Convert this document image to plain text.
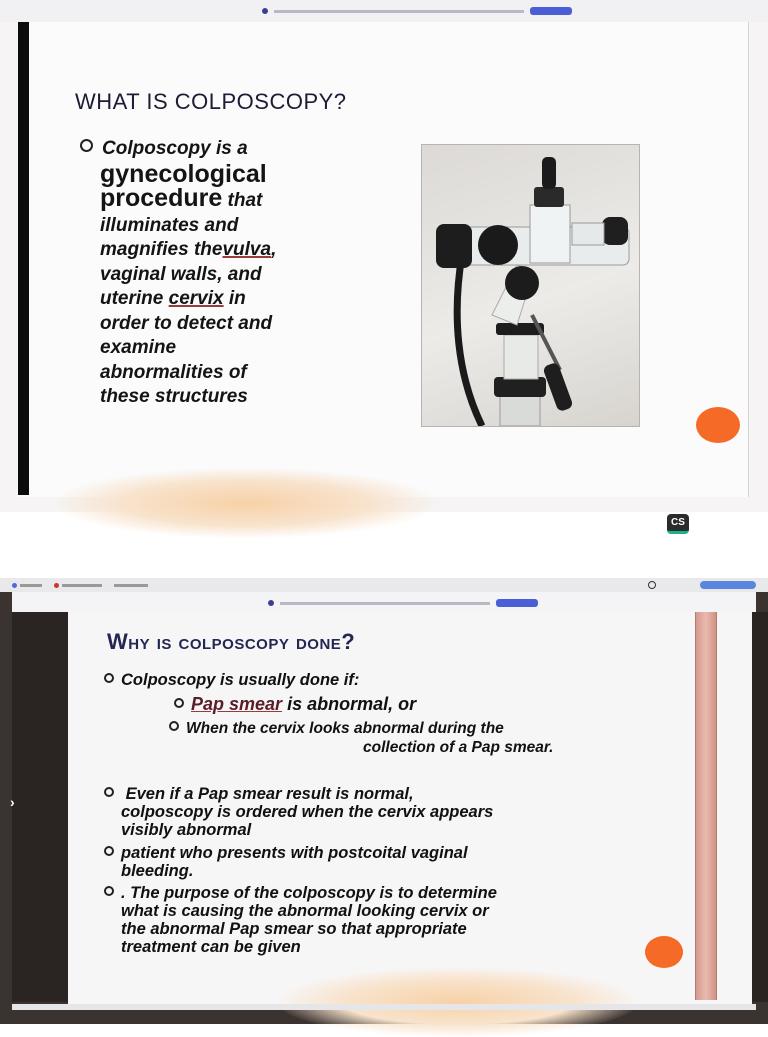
WHAT IS COLPOSCOPY?
Colposcopy is a
gynecological
procedure that
illuminates and
magnifies thevulva,
vaginal walls, and
uterine cervix in
order to detect and
examine
abnormalities of
these structures
CS
›
Why is colposcopy done?
Colposcopy is usually done if:
Pap smear is abnormal, or
When the cervix looks abnormal during the
collection of a Pap smear.
Even if a Pap smear result is normal,
colposcopy is ordered when the cervix appears
visibly abnormal
patient who presents with postcoital vaginal
bleeding.
. The purpose of the colposcopy is to determine
what is causing the abnormal looking cervix or
the abnormal Pap smear so that appropriate
treatment can be given
